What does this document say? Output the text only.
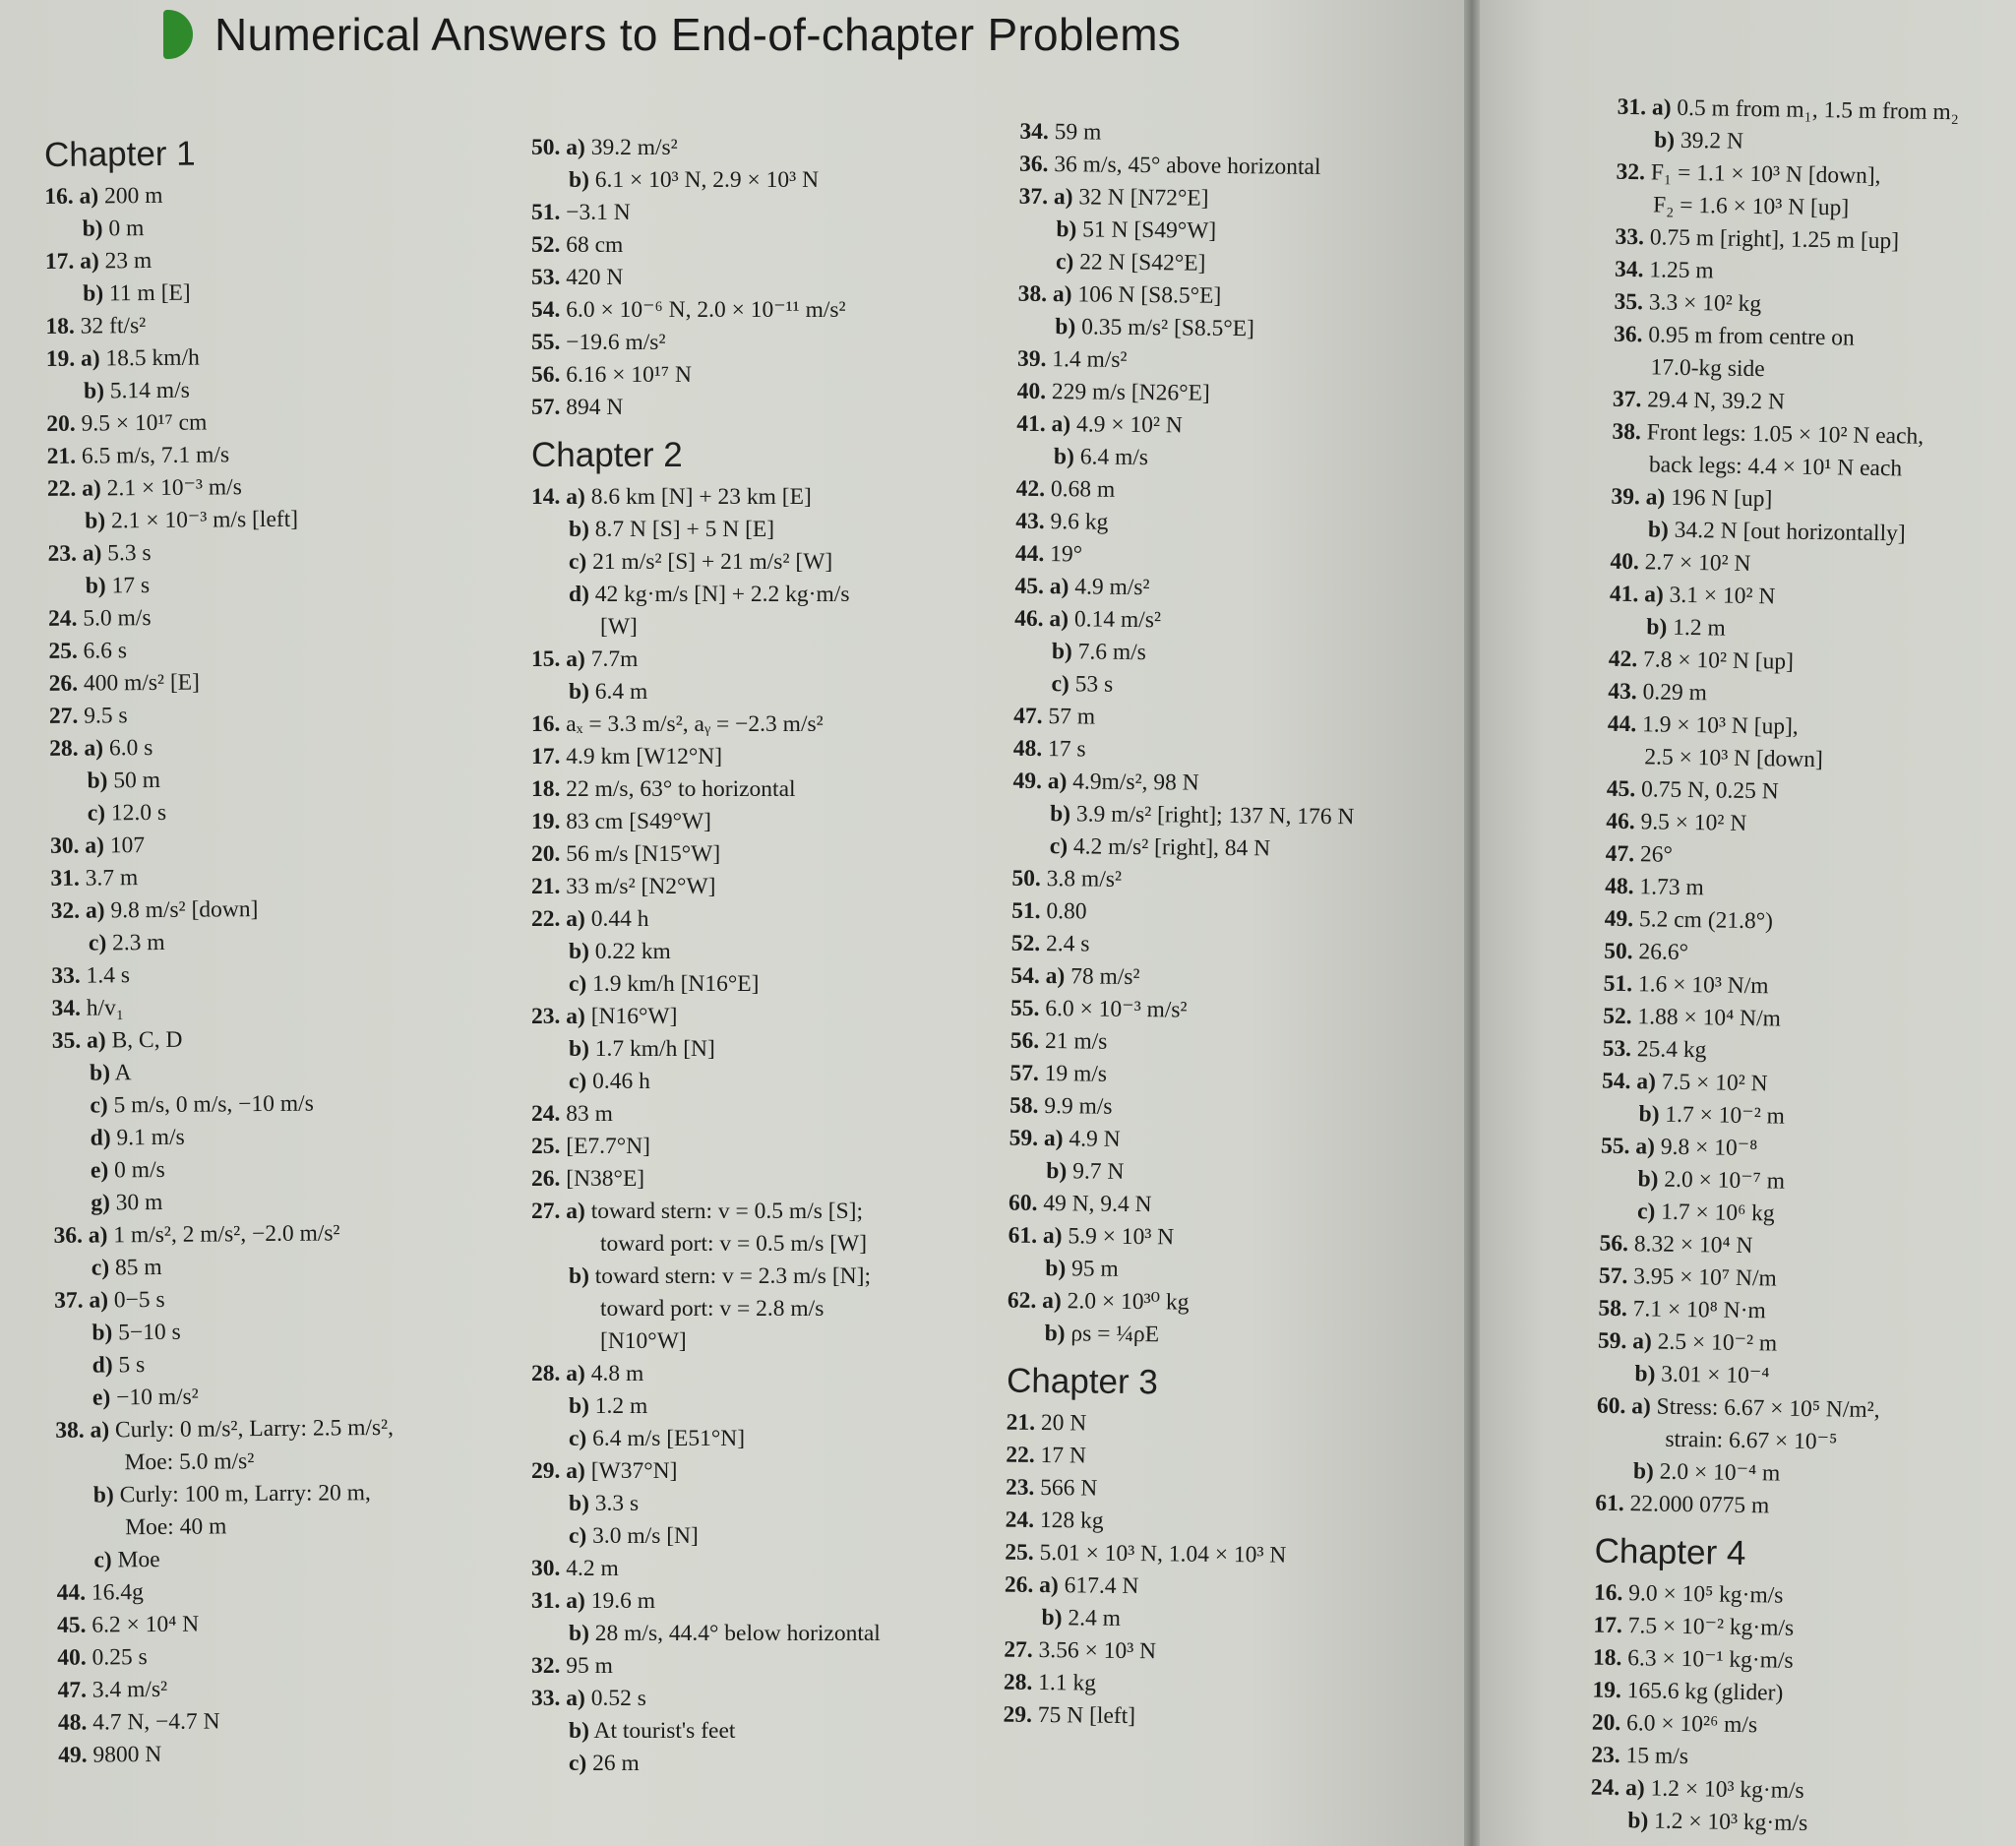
Numerical Answers to End-of-chapter Problems
Chapter 1
16. a) 200 m
b) 0 m
17. a) 23 m
b) 11 m [E]
18. 32 ft/s²
19. a) 18.5 km/h
b) 5.14 m/s
20. 9.5 × 10¹⁷ cm
21. 6.5 m/s, 7.1 m/s
22. a) 2.1 × 10⁻³ m/s
b) 2.1 × 10⁻³ m/s [left]
23. a) 5.3 s
b) 17 s
24. 5.0 m/s
25. 6.6 s
26. 400 m/s² [E]
27. 9.5 s
28. a) 6.0 s
b) 50 m
c) 12.0 s
30. a) 107
31. 3.7 m
32. a) 9.8 m/s² [down]
c) 2.3 m
33. 1.4 s
34. h/v₁
35. a) B, C, D
b) A
c) 5 m/s, 0 m/s, −10 m/s
d) 9.1 m/s
e) 0 m/s
g) 30 m
36. a) 1 m/s², 2 m/s², −2.0 m/s²
c) 85 m
37. a) 0−5 s
b) 5−10 s
d) 5 s
e) −10 m/s²
38. a) Curly: 0 m/s², Larry: 2.5 m/s²,
Moe: 5.0 m/s²
b) Curly: 100 m, Larry: 20 m,
Moe: 40 m
c) Moe
44. 16.4g
45. 6.2 × 10⁴ N
40. 0.25 s
47. 3.4 m/s²
48. 4.7 N, −4.7 N
49. 9800 N
50. a) 39.2 m/s²
b) 6.1 × 10³ N, 2.9 × 10³ N
51. −3.1 N
52. 68 cm
53. 420 N
54. 6.0 × 10⁻⁶ N, 2.0 × 10⁻¹¹ m/s²
55. −19.6 m/s²
56. 6.16 × 10¹⁷ N
57. 894 N
Chapter 2
14. a) 8.6 km [N] + 23 km [E]
b) 8.7 N [S] + 5 N [E]
c) 21 m/s² [S] + 21 m/s² [W]
d) 42 kg·m/s [N] + 2.2 kg·m/s
[W]
15. a) 7.7m
b) 6.4 m
16. aₓ = 3.3 m/s², aᵧ = −2.3 m/s²
17. 4.9 km [W12°N]
18. 22 m/s, 63° to horizontal
19. 83 cm [S49°W]
20. 56 m/s [N15°W]
21. 33 m/s² [N2°W]
22. a) 0.44 h
b) 0.22 km
c) 1.9 km/h [N16°E]
23. a) [N16°W]
b) 1.7 km/h [N]
c) 0.46 h
24. 83 m
25. [E7.7°N]
26. [N38°E]
27. a) toward stern: v = 0.5 m/s [S];
toward port: v = 0.5 m/s [W]
b) toward stern: v = 2.3 m/s [N];
toward port: v = 2.8 m/s
[N10°W]
28. a) 4.8 m
b) 1.2 m
c) 6.4 m/s [E51°N]
29. a) [W37°N]
b) 3.3 s
c) 3.0 m/s [N]
30. 4.2 m
31. a) 19.6 m
b) 28 m/s, 44.4° below horizontal
32. 95 m
33. a) 0.52 s
b) At tourist's feet
c) 26 m
34. 59 m
36. 36 m/s, 45° above horizontal
37. a) 32 N [N72°E]
b) 51 N [S49°W]
c) 22 N [S42°E]
38. a) 106 N [S8.5°E]
b) 0.35 m/s² [S8.5°E]
39. 1.4 m/s²
40. 229 m/s [N26°E]
41. a) 4.9 × 10² N
b) 6.4 m/s
42. 0.68 m
43. 9.6 kg
44. 19°
45. a) 4.9 m/s²
46. a) 0.14 m/s²
b) 7.6 m/s
c) 53 s
47. 57 m
48. 17 s
49. a) 4.9m/s², 98 N
b) 3.9 m/s² [right]; 137 N, 176 N
c) 4.2 m/s² [right], 84 N
50. 3.8 m/s²
51. 0.80
52. 2.4 s
54. a) 78 m/s²
55. 6.0 × 10⁻³ m/s²
56. 21 m/s
57. 19 m/s
58. 9.9 m/s
59. a) 4.9 N
b) 9.7 N
60. 49 N, 9.4 N
61. a) 5.9 × 10³ N
b) 95 m
62. a) 2.0 × 10³⁰ kg
b) ρs = ¼ρE
Chapter 3
21. 20 N
22. 17 N
23. 566 N
24. 128 kg
25. 5.01 × 10³ N, 1.04 × 10³ N
26. a) 617.4 N
b) 2.4 m
27. 3.56 × 10³ N
28. 1.1 kg
29. 75 N [left]
31. a) 0.5 m from m₁, 1.5 m from m₂
b) 39.2 N
32. F₁ = 1.1 × 10³ N [down],
F₂ = 1.6 × 10³ N [up]
33. 0.75 m [right], 1.25 m [up]
34. 1.25 m
35. 3.3 × 10² kg
36. 0.95 m from centre on
17.0-kg side
37. 29.4 N, 39.2 N
38. Front legs: 1.05 × 10² N each,
back legs: 4.4 × 10¹ N each
39. a) 196 N [up]
b) 34.2 N [out horizontally]
40. 2.7 × 10² N
41. a) 3.1 × 10² N
b) 1.2 m
42. 7.8 × 10² N [up]
43. 0.29 m
44. 1.9 × 10³ N [up],
2.5 × 10³ N [down]
45. 0.75 N, 0.25 N
46. 9.5 × 10² N
47. 26°
48. 1.73 m
49. 5.2 cm (21.8°)
50. 26.6°
51. 1.6 × 10³ N/m
52. 1.88 × 10⁴ N/m
53. 25.4 kg
54. a) 7.5 × 10² N
b) 1.7 × 10⁻² m
55. a) 9.8 × 10⁻⁸
b) 2.0 × 10⁻⁷ m
c) 1.7 × 10⁶ kg
56. 8.32 × 10⁴ N
57. 3.95 × 10⁷ N/m
58. 7.1 × 10⁸ N·m
59. a) 2.5 × 10⁻² m
b) 3.01 × 10⁻⁴
60. a) Stress: 6.67 × 10⁵ N/m²,
strain: 6.67 × 10⁻⁵
b) 2.0 × 10⁻⁴ m
61. 22.000 0775 m
Chapter 4
16. 9.0 × 10⁵ kg·m/s
17. 7.5 × 10⁻² kg·m/s
18. 6.3 × 10⁻¹ kg·m/s
19. 165.6 kg (glider)
20. 6.0 × 10²⁶ m/s
23. 15 m/s
24. a) 1.2 × 10³ kg·m/s
b) 1.2 × 10³ kg·m/s
